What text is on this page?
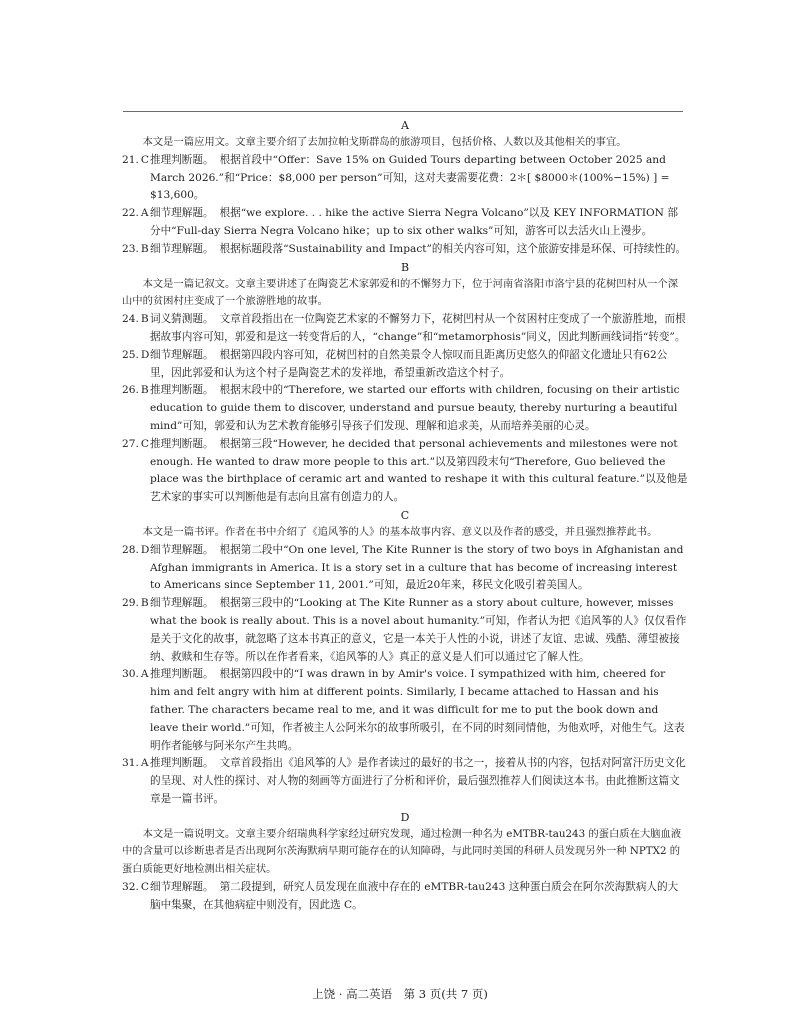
A

本文是一篇应用文。文章主要介绍了去加拉帕戈斯群岛的旅游项目，包括价格、人数以及其他相关的事宜。

21. C 推理判断题。 根据首段中“Offer：Save 15% on Guided Tours departing between October 2025 and March 2026.”和“Price：$8,000 per person”可知，这对夫妻需要花费：2＊[ $8000＊(100%−15%) ] = $13,600。
22. A 细节理解题。 根据“we explore. . . hike the active Sierra Negra Volcano”以及 KEY INFORMATION 部分中“Full-day Sierra Negra Volcano hike；up to six other walks”可知，游客可以去活火山上漫步。
23. B 细节理解题。 根据标题段落“Sustainability and Impact”的相关内容可知，这个旅游安排是环保、可持续性的。

B

本文是一篇记叙文。文章主要讲述了在陶瓷艺术家郭爱和的不懈努力下，位于河南省洛阳市洛宁县的花树凹村从一个深山中的贫困村庄变成了一个旅游胜地的故事。

24. B 词义猜测题。 文章首段指出在一位陶瓷艺术家的不懈努力下，花树凹村从一个贫困村庄变成了一个旅游胜地，而根据故事内容可知，郭爱和是这一转变背后的人，“change”和“metamorphosis”同义，因此判断画线词指“转变”。
25. D 细节理解题。 根据第四段内容可知，花树凹村的自然美景令人惊叹而且距离历史悠久的仰韶文化遗址只有62公里，因此郭爱和认为这个村子是陶瓷艺术的发祥地，希望重新改造这个村子。
26. B 推理判断题。 根据末段中的“Therefore, we started our efforts with children, focusing on their artistic education to guide them to discover, understand and pursue beauty, thereby nurturing a beautiful mind”可知，郭爱和认为艺术教育能够引导孩子们发现、理解和追求美，从而培养美丽的心灵。
27. C 推理判断题。 根据第三段“However, he decided that personal achievements and milestones were not enough. He wanted to draw more people to this art.”以及第四段末句“Therefore, Guo believed the place was the birthplace of ceramic art and wanted to reshape it with this cultural feature.”以及他是艺术家的事实可以判断他是有志向且富有创造力的人。

C

本文是一篇书评。作者在书中介绍了《追风筝的人》的基本故事内容、意义以及作者的感受，并且强烈推荐此书。

28. D 细节理解题。 根据第二段中“On one level, The Kite Runner is the story of two boys in Afghanistan and Afghan immigrants in America. It is a story set in a culture that has become of increasing interest to Americans since September 11, 2001.”可知，最近20年来，移民文化吸引着美国人。
29. B 细节理解题。 根据第三段中的“Looking at The Kite Runner as a story about culture, however, misses what the book is really about. This is a novel about humanity.”可知，作者认为把《追风筝的人》仅仅看作是关于文化的故事，就忽略了这本书真正的意义，它是一本关于人性的小说，讲述了友谊、忠诚、残酷、薄望被接纳、救赎和生存等。所以在作者看来，《追风筝的人》真正的意义是人们可以通过它了解人性。
30. A 推理判断题。 根据第四段中的“I was drawn in by Amir's voice. I sympathized with him, cheered for him and felt angry with him at different points. Similarly, I became attached to Hassan and his father. The characters became real to me, and it was difficult for me to put the book down and leave their world.”可知，作者被主人公阿米尔的故事所吸引，在不同的时刻同情他，为他欢呼，对他生气。这表明作者能够与阿米尔产生共鸣。
31. A 推理判断题。 文章首段指出《追风筝的人》是作者读过的最好的书之一，接着从书的内容，包括对阿富汗历史文化的呈现、对人性的探讨、对人物的刻画等方面进行了分析和评价，最后强烈推荐人们阅读这本书。由此推断这篇文章是一篇书评。

D

本文是一篇说明文。文章主要介绍瑞典科学家经过研究发现，通过检测一种名为 eMTBR-tau243 的蛋白质在大脑血液中的含量可以诊断患者是否出现阿尔茨海默病早期可能存在的认知障碍，与此同时美国的科研人员发现另外一种 NPTX2 的蛋白质能更好地检测出相关症状。

32. C 细节理解题。 第二段提到，研究人员发现在血液中存在的 eMTBR-tau243 这种蛋白质会在阿尔茨海默病人的大脑中集聚，在其他病症中则没有，因此选 C。
上饶 · 高二英语　第 3 页(共 7 页)
